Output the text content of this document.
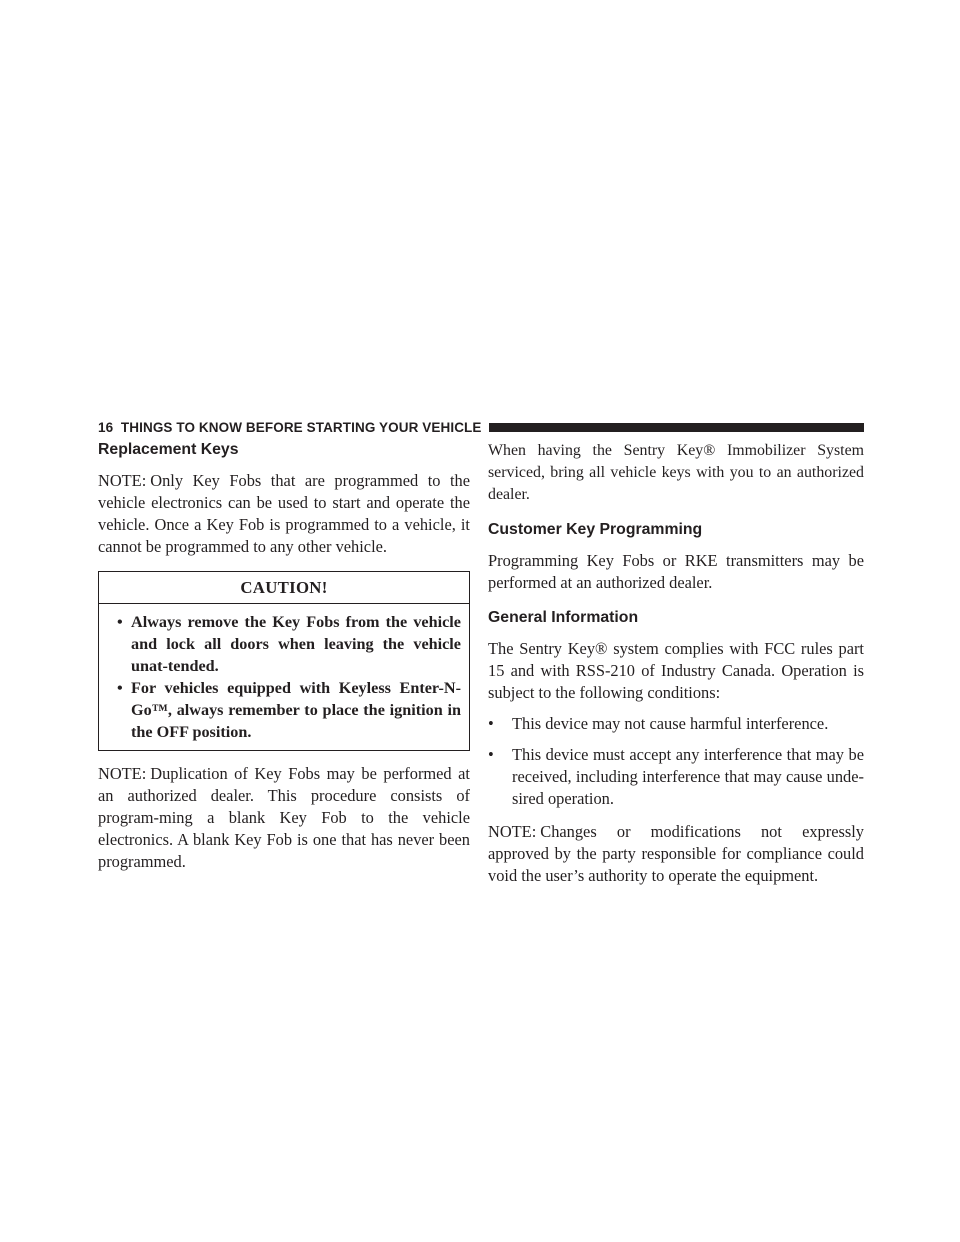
16 THINGS TO KNOW BEFORE STARTING YOUR VEHICLE
Replacement Keys

NOTE: Only Key Fobs that are programmed to the vehicle electronics can be used to start and operate the vehicle. Once a Key Fob is programmed to a vehicle, it cannot be programmed to any other vehicle.

CAUTION!
• Always remove the Key Fobs from the vehicle and lock all doors when leaving the vehicle unat-tended.
• For vehicles equipped with Keyless Enter-N-Go™, always remember to place the ignition in the OFF position.

NOTE: Duplication of Key Fobs may be performed at an authorized dealer. This procedure consists of program-ming a blank Key Fob to the vehicle electronics. A blank Key Fob is one that has never been programmed.

When having the Sentry Key® Immobilizer System serviced, bring all vehicle keys with you to an authorized dealer.

Customer Key Programming

Programming Key Fobs or RKE transmitters may be performed at an authorized dealer.

General Information

The Sentry Key® system complies with FCC rules part 15 and with RSS-210 of Industry Canada. Operation is subject to the following conditions:

•	This device may not cause harmful interference.
•	This device must accept any interference that may be received, including interference that may cause unde-sired operation.

NOTE: Changes or modifications not expressly approved by the party responsible for compliance could void the user’s authority to operate the equipment.
